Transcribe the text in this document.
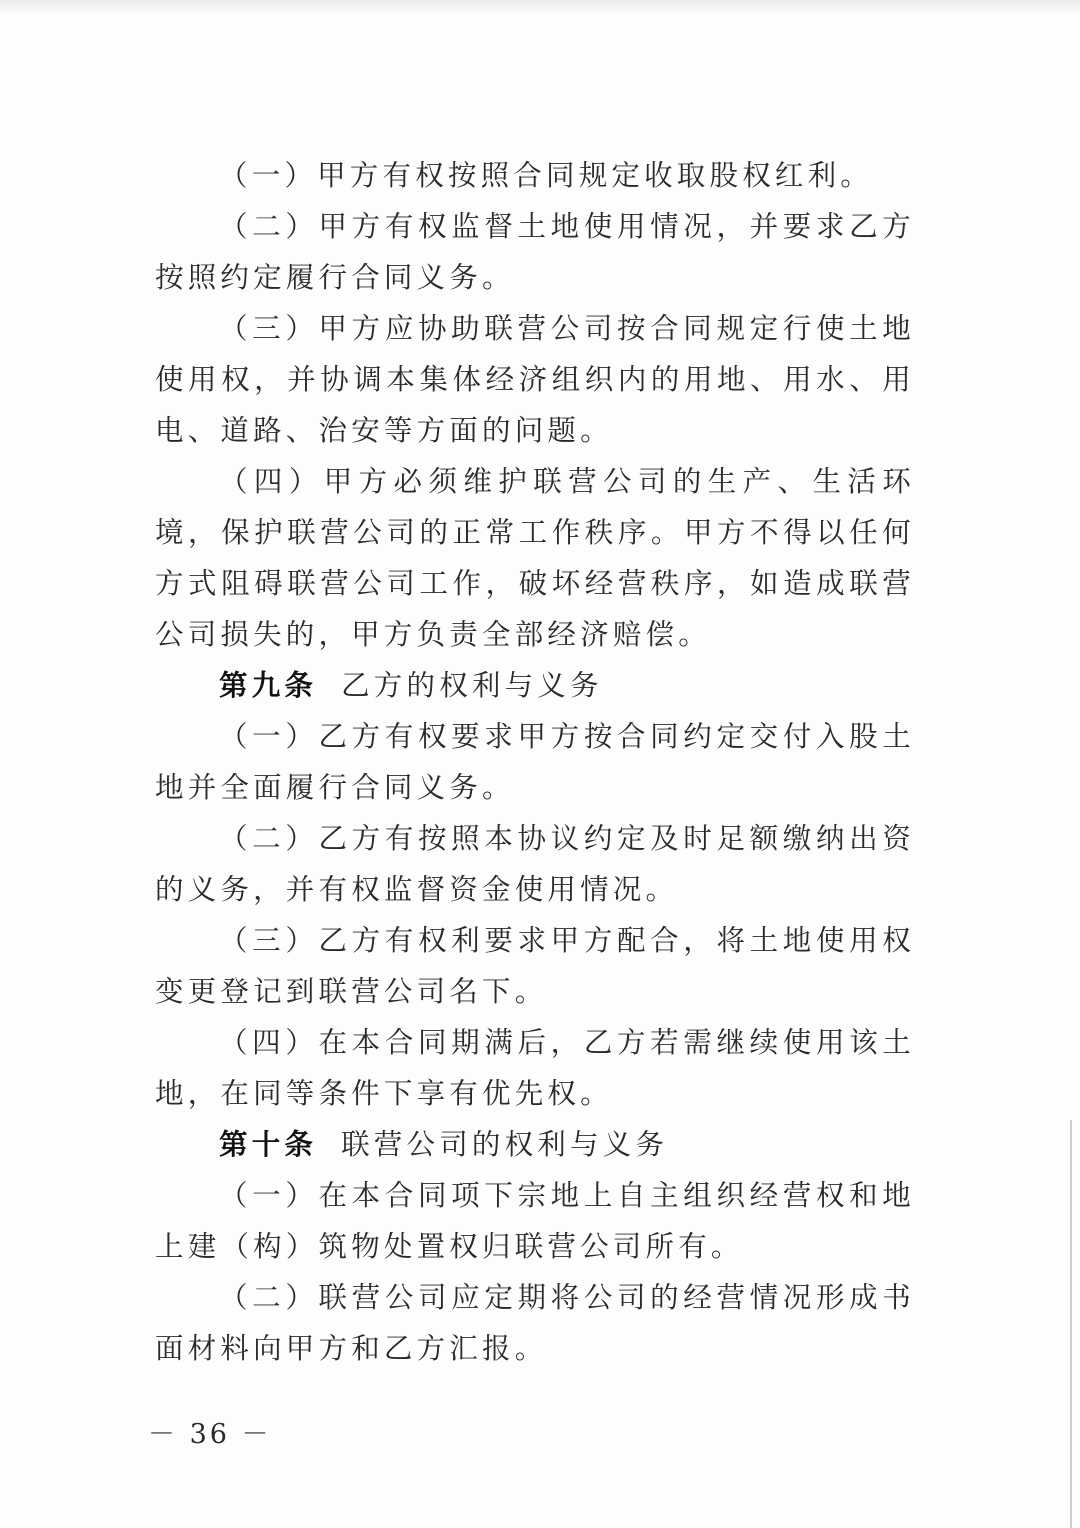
（一）甲方有权按照合同规定收取股权红利。

（二）甲方有权监督土地使用情况，并要求乙方按照约定履行合同义务。

（三）甲方应协助联营公司按合同规定行使土地使用权，并协调本集体经济组织内的用地、用水、用电、道路、治安等方面的问题。

（四）甲方必须维护联营公司的生产、生活环境，保护联营公司的正常工作秩序。甲方不得以任何方式阻碍联营公司工作，破坏经营秩序，如造成联营公司损失的，甲方负责全部经济赔偿。

第九条 乙方的权利与义务

（一）乙方有权要求甲方按合同约定交付入股土地并全面履行合同义务。

（二）乙方有按照本协议约定及时足额缴纳出资的义务，并有权监督资金使用情况。

（三）乙方有权利要求甲方配合，将土地使用权变更登记到联营公司名下。

（四）在本合同期满后，乙方若需继续使用该土地，在同等条件下享有优先权。

第十条 联营公司的权利与义务

（一）在本合同项下宗地上自主组织经营权和地上建（构）筑物处置权归联营公司所有。

（二）联营公司应定期将公司的经营情况形成书面材料向甲方和乙方汇报。

－ 36 －
